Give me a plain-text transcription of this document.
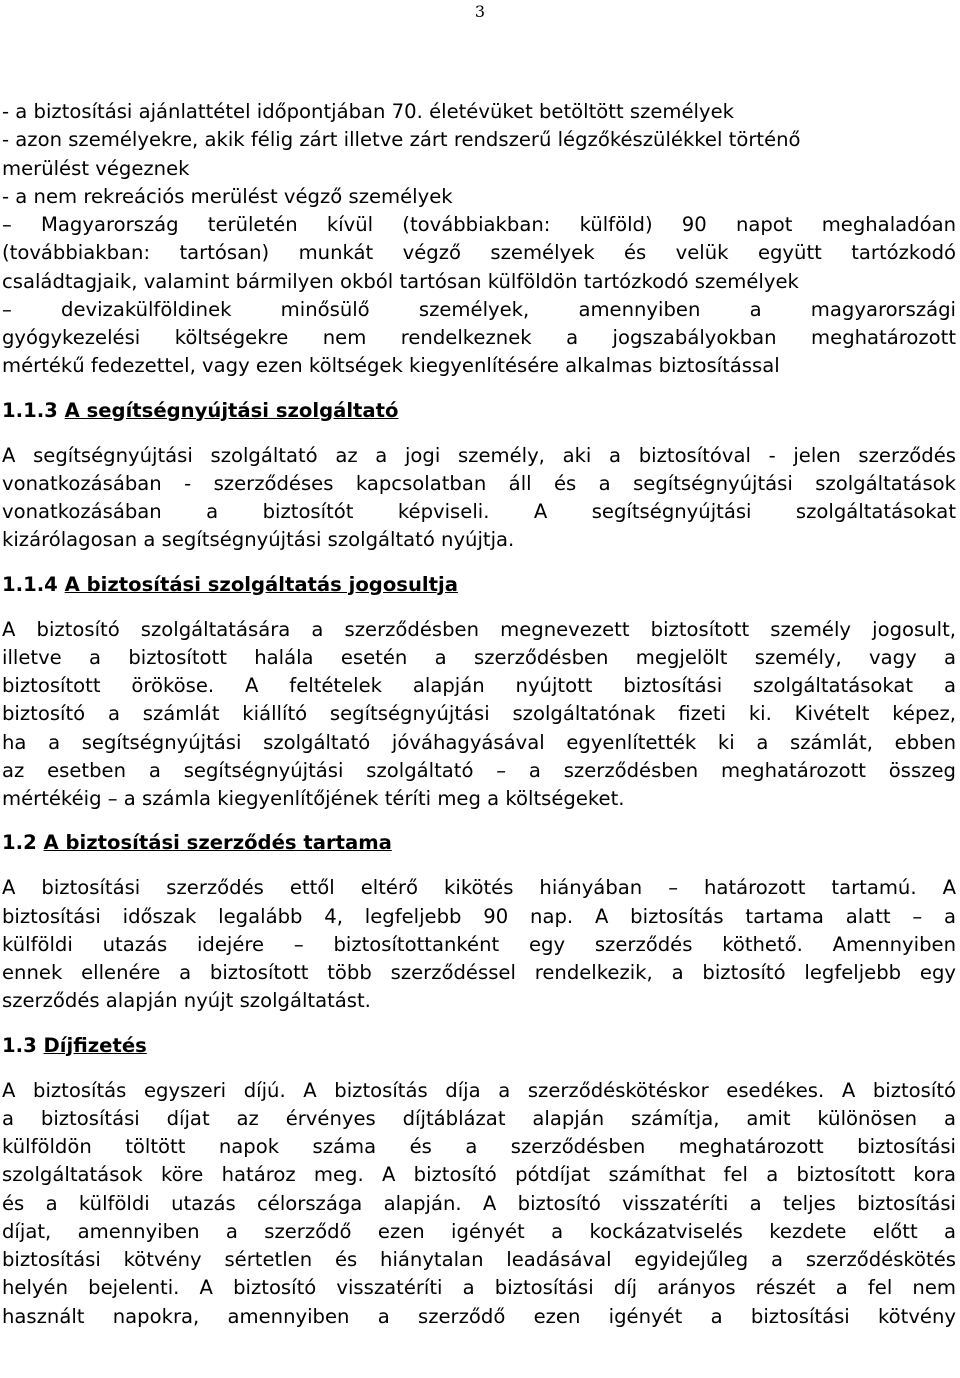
3
- a biztosítási ajánlattétel időpontjában 70. életévüket betöltött személyek
- azon személyekre, akik félig zárt illetve zárt rendszerű légzőkészülékkel történő
merülést végeznek
- a nem rekreációs merülést végző személyek
– Magyarország területén kívül (továbbiakban: külföld) 90 napot meghaladóan
(továbbiakban: tartósan) munkát végző személyek és velük együtt tartózkodó
családtagjaik, valamint bármilyen okból tartósan külföldön tartózkodó személyek
– devizakülföldinek minősülő személyek, amennyiben a magyarországi
gyógykezelési költségekre nem rendelkeznek a jogszabályokban meghatározott
mértékű fedezettel, vagy ezen költségek kiegyenlítésére alkalmas biztosítással
1.1.3 A segítségnyújtási szolgáltató
A segítségnyújtási szolgáltató az a jogi személy, aki a biztosítóval - jelen szerződés
vonatkozásában - szerződéses kapcsolatban áll és a segítségnyújtási szolgáltatások
vonatkozásában a biztosítót képviseli. A segítségnyújtási szolgáltatásokat
kizárólagosan a segítségnyújtási szolgáltató nyújtja.
1.1.4 A biztosítási szolgáltatás jogosultja
A biztosító szolgáltatására a szerződésben megnevezett biztosított személy jogosult,
illetve a biztosított halála esetén a szerződésben megjelölt személy, vagy a
biztosított örököse. A feltételek alapján nyújtott biztosítási szolgáltatásokat a
biztosító a számlát kiállító segítségnyújtási szolgáltatónak fizeti ki. Kivételt képez,
ha a segítségnyújtási szolgáltató jóváhagyásával egyenlítették ki a számlát, ebben
az esetben a segítségnyújtási szolgáltató – a szerződésben meghatározott összeg
mértékéig – a számla kiegyenlítőjének téríti meg a költségeket.
1.2 A biztosítási szerződés tartama
A biztosítási szerződés ettől eltérő kikötés hiányában – határozott tartamú. A
biztosítási időszak legalább 4, legfeljebb 90 nap. A biztosítás tartama alatt – a
külföldi utazás idejére – biztosítottanként egy szerződés köthető. Amennyiben
ennek ellenére a biztosított több szerződéssel rendelkezik, a biztosító legfeljebb egy
szerződés alapján nyújt szolgáltatást.
1.3 Díjfizetés
A biztosítás egyszeri díjú. A biztosítás díja a szerződéskötéskor esedékes. A biztosító
a biztosítási díjat az érvényes díjtáblázat alapján számítja, amit különösen a
külföldön töltött napok száma és a szerződésben meghatározott biztosítási
szolgáltatások köre határoz meg. A biztosító pótdíjat számíthat fel a biztosított kora
és a külföldi utazás célországa alapján. A biztosító visszatéríti a teljes biztosítási
díjat, amennyiben a szerződő ezen igényét a kockázatviselés kezdete előtt a
biztosítási kötvény sértetlen és hiánytalan leadásával egyidejűleg a szerződéskötés
helyén bejelenti. A biztosító visszatéríti a biztosítási díj arányos részét a fel nem
használt napokra, amennyiben a szerződő ezen igényét a biztosítási kötvény
